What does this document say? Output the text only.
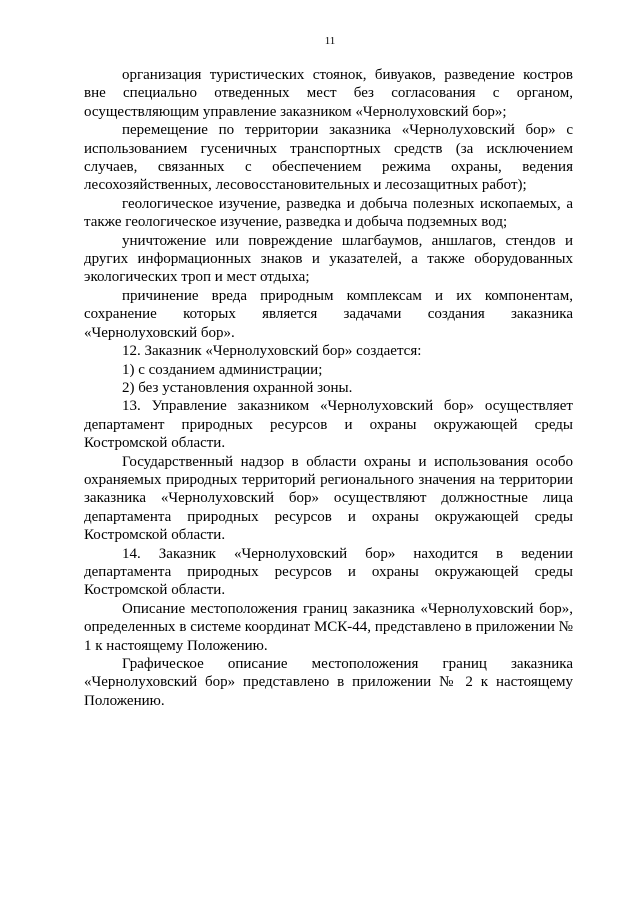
11

организация туристических стоянок, бивуаков, разведение костров вне специально отведенных мест без согласования с органом, осуществляющим управление заказником «Чернолуховский бор»;

перемещение по территории заказника «Чернолуховский бор» с использованием гусеничных транспортных средств (за исключением случаев, связанных с обеспечением режима охраны, ведения лесохозяйственных, лесовосстановительных и лесозащитных работ);

геологическое изучение, разведка и добыча полезных ископаемых, а также геологическое изучение, разведка и добыча подземных вод;

уничтожение или повреждение шлагбаумов, аншлагов, стендов и других информационных знаков и указателей, а также оборудованных экологических троп и мест отдыха;

причинение вреда природным комплексам и их компонентам, сохранение которых является задачами создания заказника «Чернолуховский бор».

12. Заказник «Чернолуховский бор» создается:

1) с созданием администрации;

2) без установления охранной зоны.

13. Управление заказником «Чернолуховский бор» осуществляет департамент природных ресурсов и охраны окружающей среды Костромской области.

Государственный надзор в области охраны и использования особо охраняемых природных территорий регионального значения на территории заказника «Чернолуховский бор» осуществляют должностные лица департамента природных ресурсов и охраны окружающей среды Костромской области.

14. Заказник «Чернолуховский бор» находится в ведении департамента природных ресурсов и охраны окружающей среды Костромской области.

Описание местоположения границ заказника «Чернолуховский бор», определенных в системе координат МСК-44, представлено в приложении № 1 к настоящему Положению.

Графическое описание местоположения границ заказника «Чернолуховский бор» представлено в приложении № 2 к настоящему Положению.
